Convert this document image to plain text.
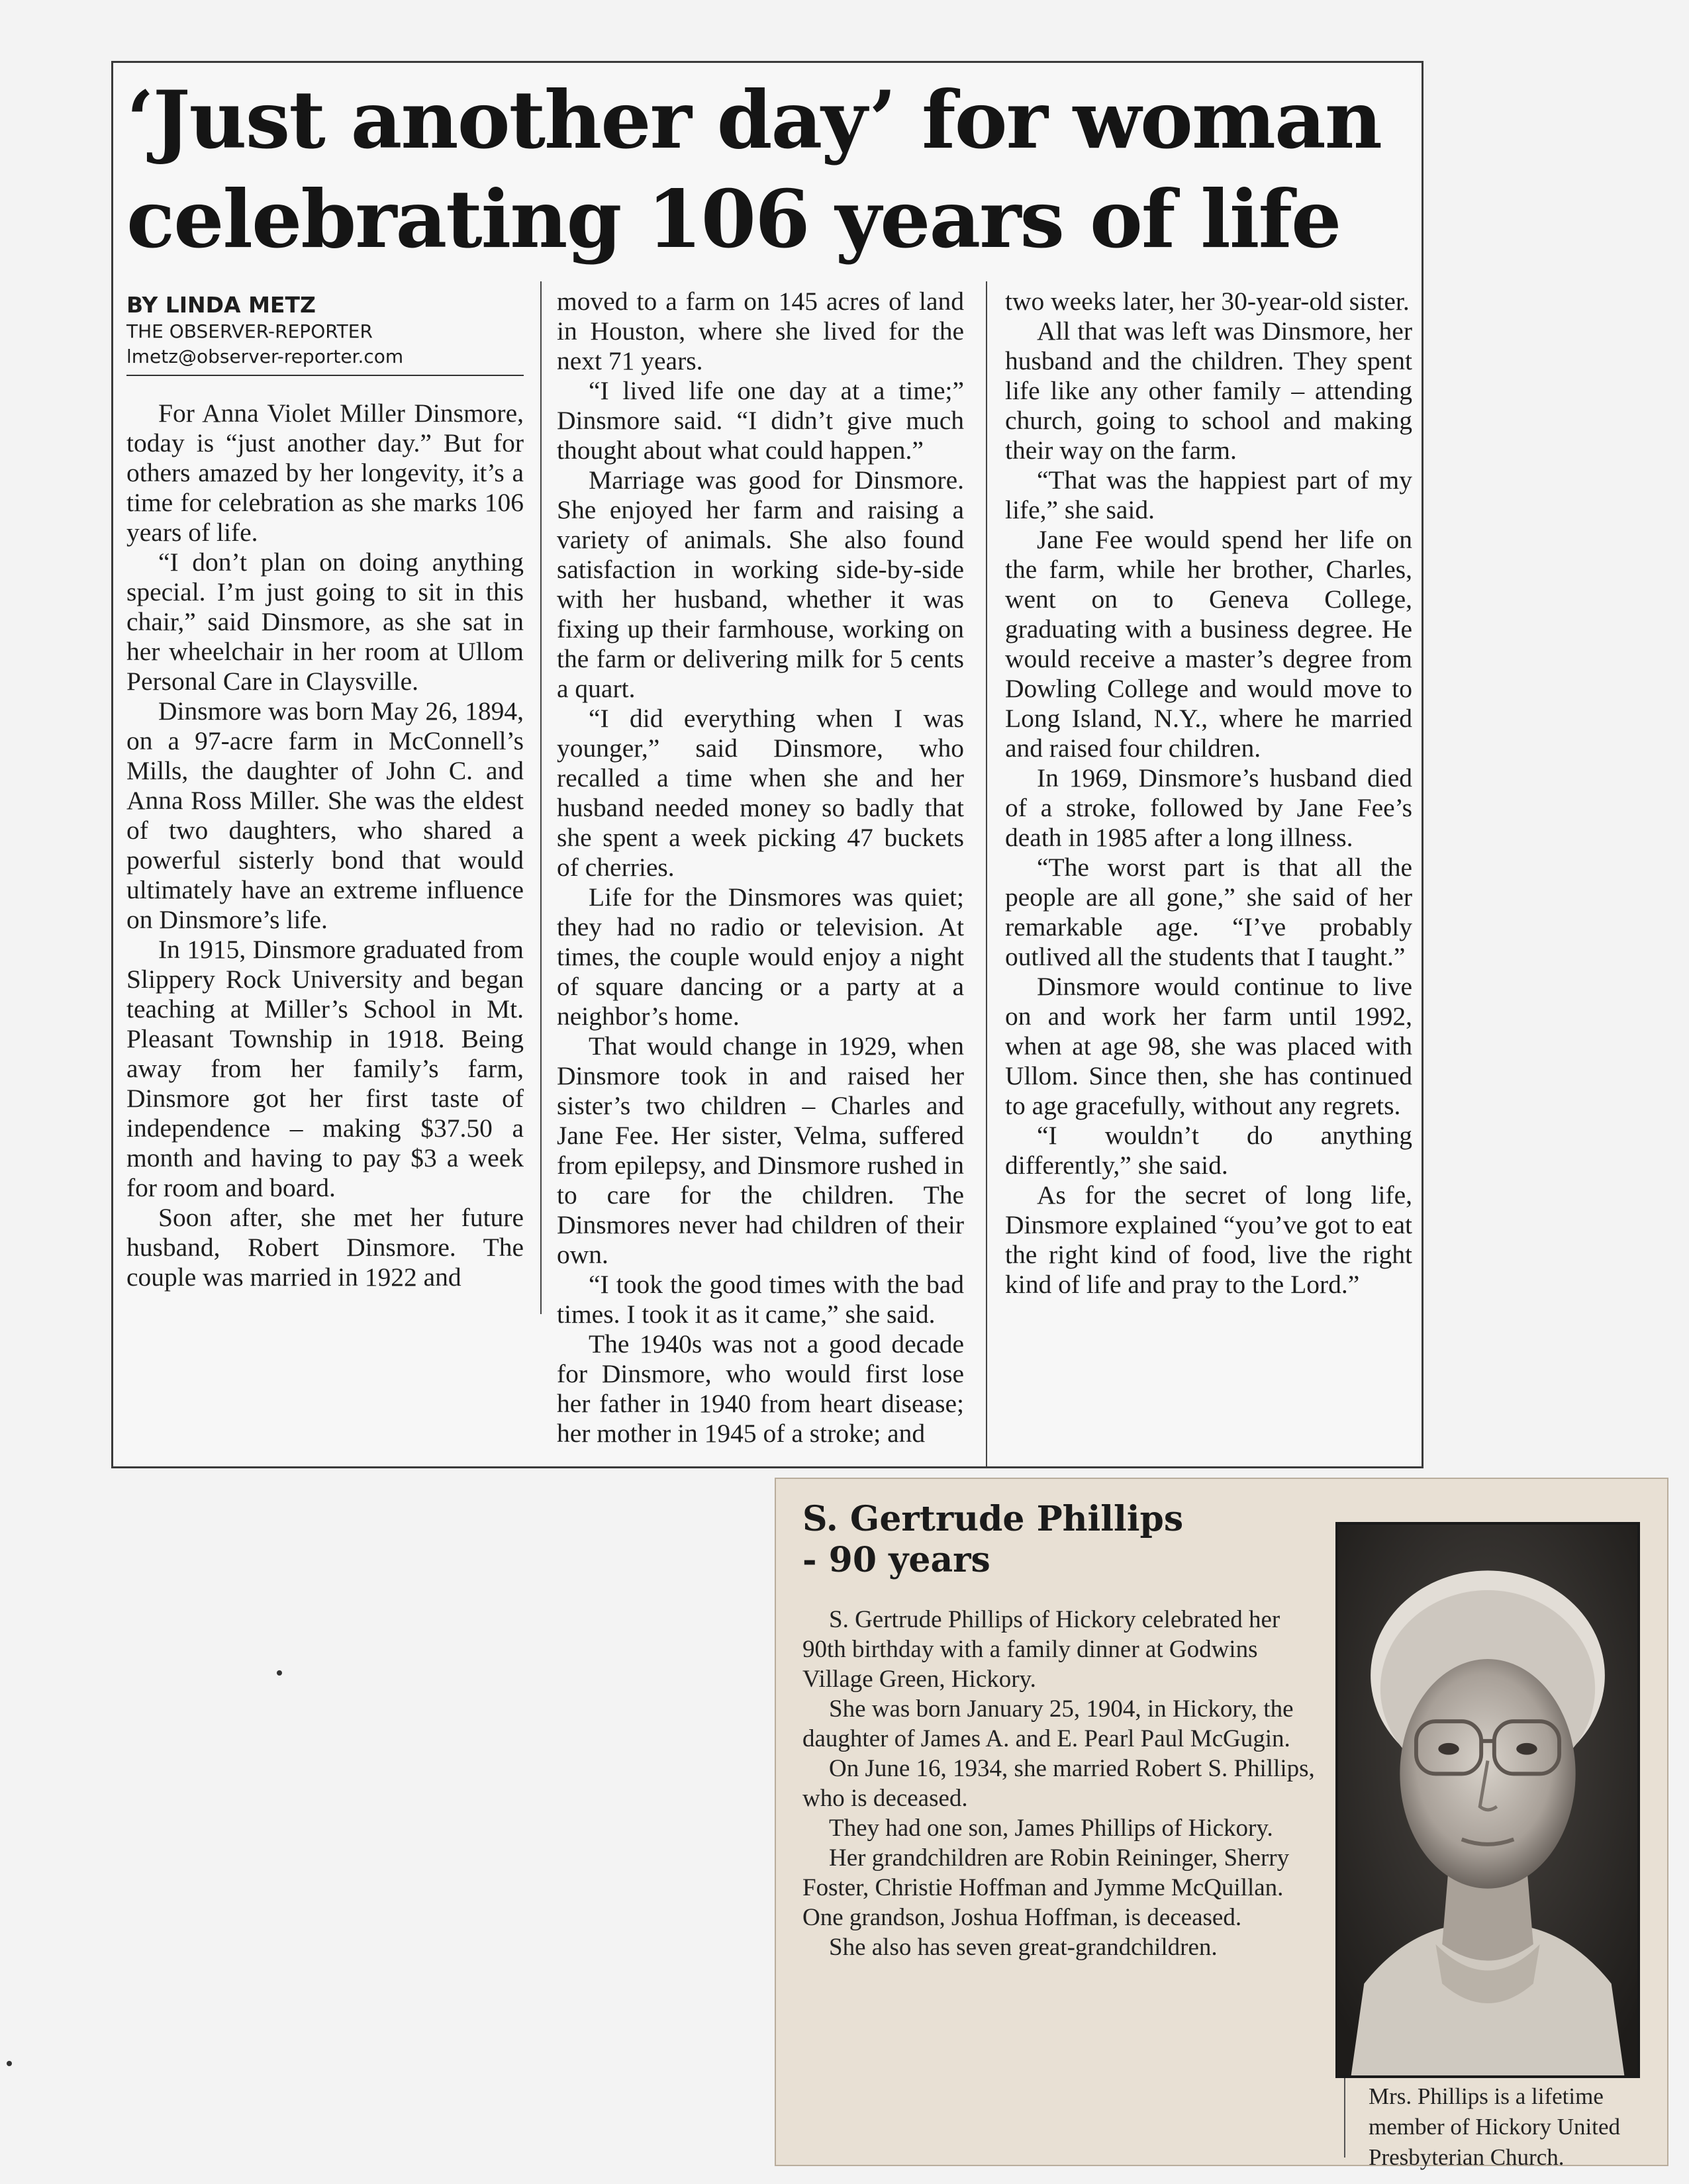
‘Just another day’ for woman celebrating 106 years of life
BY LINDA METZ
THE OBSERVER-REPORTER
lmetz@observer-reporter.com

For Anna Violet Miller Dinsmore, today is “just another day.” But for others amazed by her longevity, it’s a time for celebration as she marks 106 years of life.

“I don’t plan on doing anything special. I’m just going to sit in this chair,” said Dinsmore, as she sat in her wheelchair in her room at Ullom Personal Care in Claysville.

Dinsmore was born May 26, 1894, on a 97-acre farm in McConnell’s Mills, the daughter of John C. and Anna Ross Miller. She was the eldest of two daughters, who shared a powerful sisterly bond that would ultimately have an extreme influence on Dinsmore’s life.

In 1915, Dinsmore graduated from Slippery Rock University and began teaching at Miller’s School in Mt. Pleasant Township in 1918. Being away from her family’s farm, Dinsmore got her first taste of independence – making $37.50 a month and having to pay $3 a week for room and board.

Soon after, she met her future husband, Robert Dinsmore. The couple was married in 1922 and

moved to a farm on 145 acres of land in Houston, where she lived for the next 71 years.

“I lived life one day at a time;” Dinsmore said. “I didn’t give much thought about what could happen.”

Marriage was good for Dinsmore. She enjoyed her farm and raising a variety of animals. She also found satisfaction in working side-by-side with her husband, whether it was fixing up their farmhouse, working on the farm or delivering milk for 5 cents a quart.

“I did everything when I was younger,” said Dinsmore, who recalled a time when she and her husband needed money so badly that she spent a week picking 47 buckets of cherries.

Life for the Dinsmores was quiet; they had no radio or television. At times, the couple would enjoy a night of square dancing or a party at a neighbor’s home.

That would change in 1929, when Dinsmore took in and raised her sister’s two children – Charles and Jane Fee. Her sister, Velma, suffered from epilepsy, and Dinsmore rushed in to care for the children. The Dinsmores never had children of their own.

“I took the good times with the bad times. I took it as it came,” she said.

The 1940s was not a good decade for Dinsmore, who would first lose her father in 1940 from heart disease; her mother in 1945 of a stroke; and

two weeks later, her 30-year-old sister.

All that was left was Dinsmore, her husband and the children. They spent life like any other family – attending church, going to school and making their way on the farm.

“That was the happiest part of my life,” she said.

Jane Fee would spend her life on the farm, while her brother, Charles, went on to Geneva College, graduating with a business degree. He would receive a master’s degree from Dowling College and would move to Long Island, N.Y., where he married and raised four children.

In 1969, Dinsmore’s husband died of a stroke, followed by Jane Fee’s death in 1985 after a long illness.

“The worst part is that all the people are all gone,” she said of her remarkable age. “I’ve probably outlived all the students that I taught.”

Dinsmore would continue to live on and work her farm until 1992, when at age 98, she was placed with Ullom. Since then, she has continued to age gracefully, without any regrets.

“I wouldn’t do anything differently,” she said.

As for the secret of long life, Dinsmore explained “you’ve got to eat the right kind of food, live the right kind of life and pray to the Lord.”

S. Gertrude Phillips
- 90 years

S. Gertrude Phillips of Hickory celebrated her 90th birthday with a family dinner at Godwins Village Green, Hickory.

She was born January 25, 1904, in Hickory, the daughter of James A. and E. Pearl Paul McGugin.

On June 16, 1934, she married Robert S. Phillips, who is deceased.

They had one son, James Phillips of Hickory.

Her grandchildren are Robin Reininger, Sherry Foster, Christie Hoffman and Jymme McQuillan. One grandson, Joshua Hoffman, is deceased.

She also has seven great-grandchildren.

Mrs. Phillips is a lifetime member of Hickory United Presbyterian Church.
